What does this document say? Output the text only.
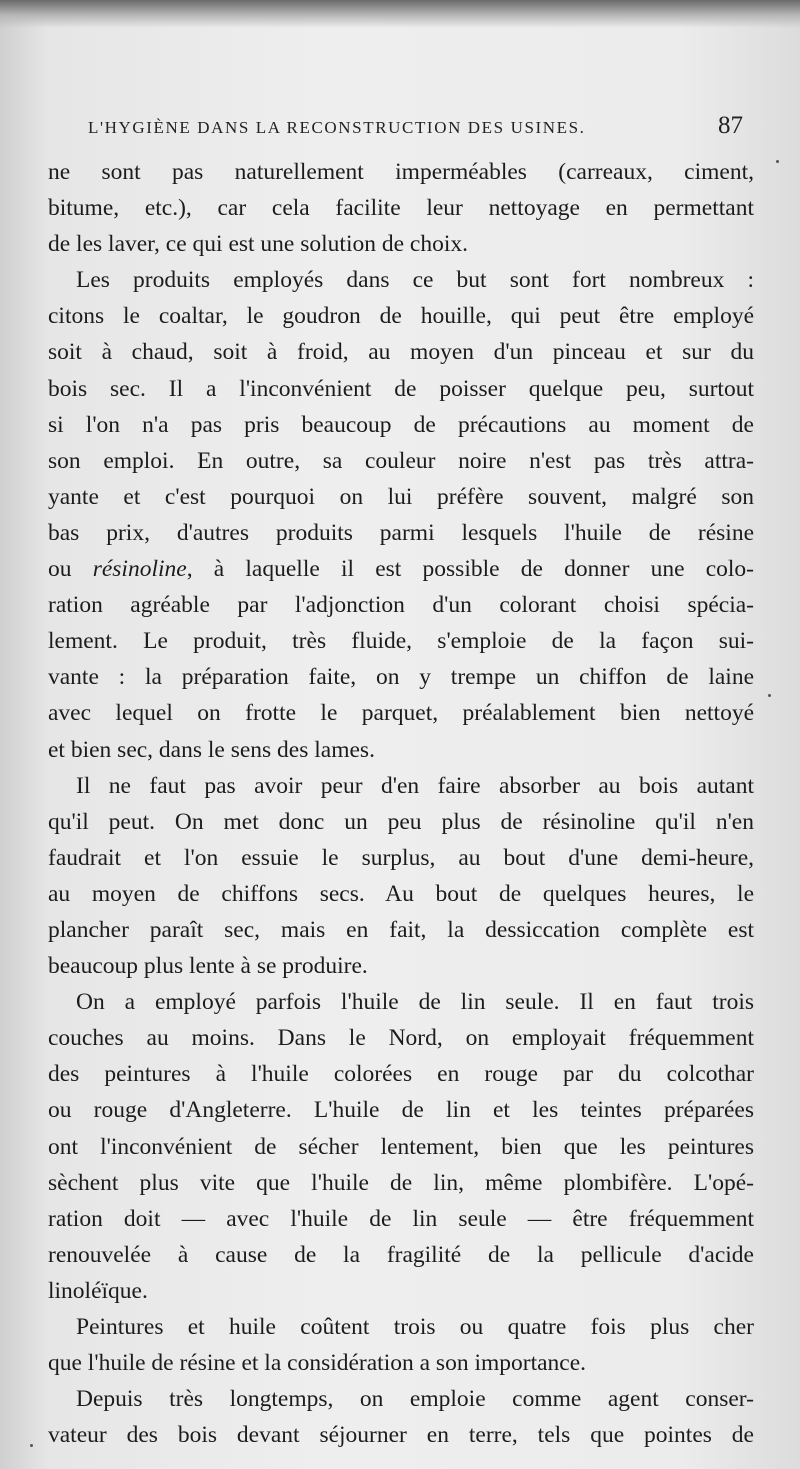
L'HYGIÈNE DANS LA RECONSTRUCTION DES USINES.	87
ne sont pas naturellement imperméables (carreaux, ciment,
bitume, etc.), car cela facilite leur nettoyage en permettant
de les laver, ce qui est une solution de choix.
Les produits employés dans ce but sont fort nombreux :
citons le coaltar, le goudron de houille, qui peut être employé
soit à chaud, soit à froid, au moyen d'un pinceau et sur du
bois sec. Il a l'inconvénient de poisser quelque peu, surtout
si l'on n'a pas pris beaucoup de précautions au moment de
son emploi. En outre, sa couleur noire n'est pas très attra-
yante et c'est pourquoi on lui préfère souvent, malgré son
bas prix, d'autres produits parmi lesquels l'huile de résine
ou résinoline, à laquelle il est possible de donner une colo-
ration agréable par l'adjonction d'un colorant choisi spécia-
lement. Le produit, très fluide, s'emploie de la façon sui-
vante : la préparation faite, on y trempe un chiffon de laine
avec lequel on frotte le parquet, préalablement bien nettoyé
et bien sec, dans le sens des lames.
Il ne faut pas avoir peur d'en faire absorber au bois autant
qu'il peut. On met donc un peu plus de résinoline qu'il n'en
faudrait et l'on essuie le surplus, au bout d'une demi-heure,
au moyen de chiffons secs. Au bout de quelques heures, le
plancher paraît sec, mais en fait, la dessiccation complète est
beaucoup plus lente à se produire.
On a employé parfois l'huile de lin seule. Il en faut trois
couches au moins. Dans le Nord, on employait fréquemment
des peintures à l'huile colorées en rouge par du colcothar
ou rouge d'Angleterre. L'huile de lin et les teintes préparées
ont l'inconvénient de sécher lentement, bien que les peintures
sèchent plus vite que l'huile de lin, même plombifère. L'opé-
ration doit — avec l'huile de lin seule — être fréquemment
renouvelée à cause de la fragilité de la pellicule d'acide
linoléïque.
Peintures et huile coûtent trois ou quatre fois plus cher
que l'huile de résine et la considération a son importance.
Depuis très longtemps, on emploie comme agent conser-
vateur des bois devant séjourner en terre, tels que pointes de
